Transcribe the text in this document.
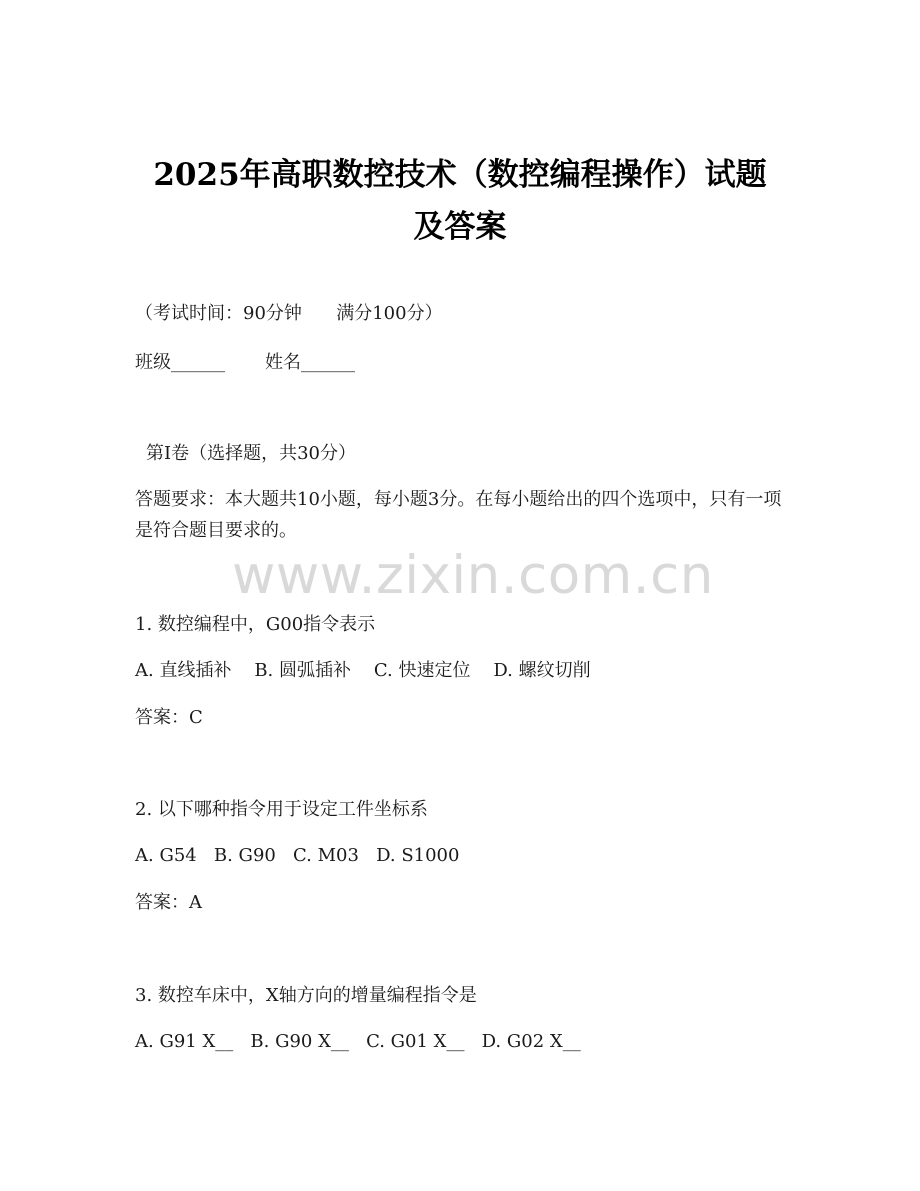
2025年高职数控技术（数控编程操作）试题
及答案
（考试时间：90分钟      满分100分）
班级______       姓名______
第I卷（选择题，共30分）
答题要求：本大题共10小题，每小题3分。在每小题给出的四个选项中，只有一项是符合题目要求的。
www.zixin.com.cn
1. 数控编程中，G00指令表示
A. 直线插补    B. 圆弧插补    C. 快速定位    D. 螺纹切削
答案：C
2. 以下哪种指令用于设定工件坐标系
A. G54   B. G90   C. M03   D. S1000
答案：A
3. 数控车床中，X轴方向的增量编程指令是
A. G91 X__   B. G90 X__   C. G01 X__   D. G02 X__
